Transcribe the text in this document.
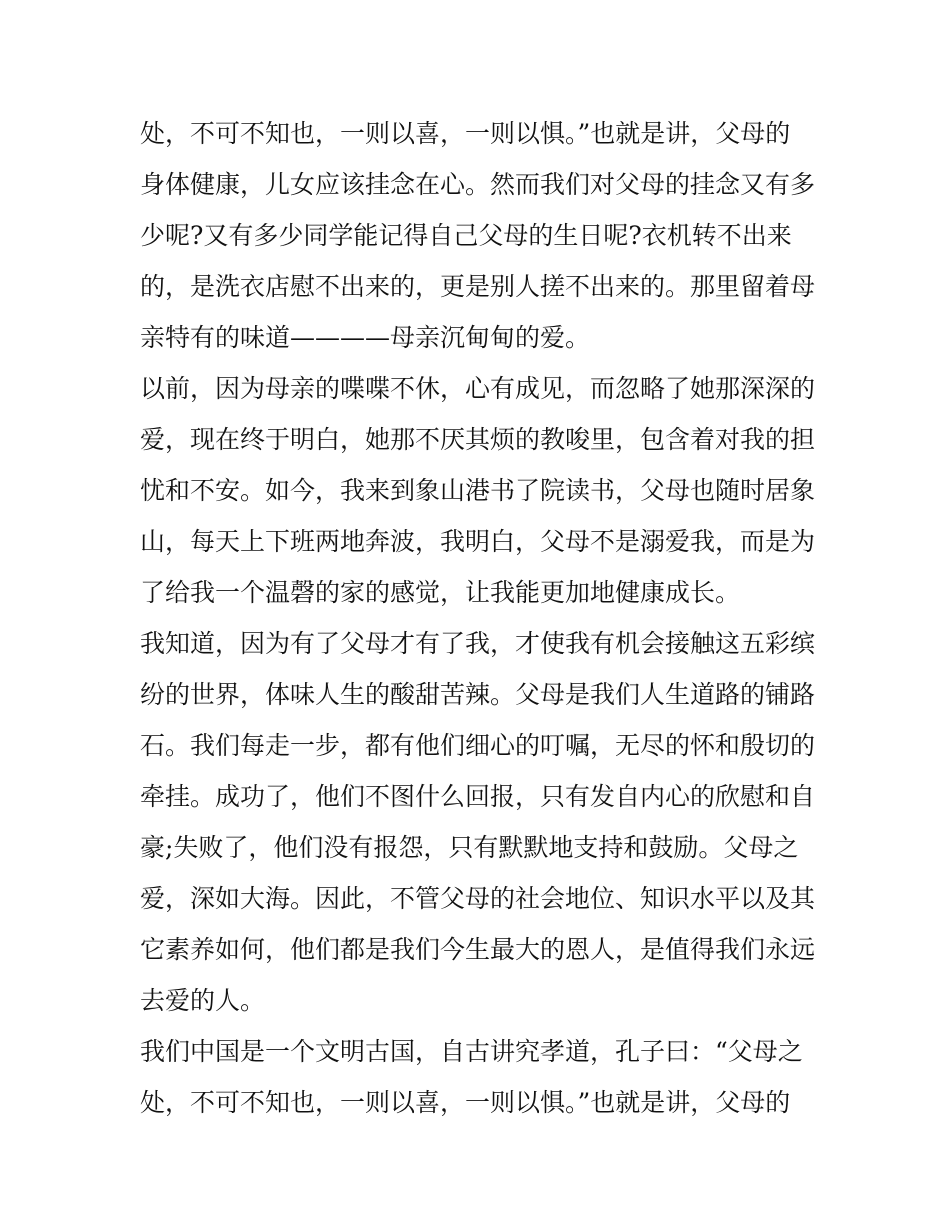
处，不可不知也，一则以喜，一则以惧。”也就是讲，父母的
身体健康，儿女应该挂念在心。然而我们对父母的挂念又有多
少呢?又有多少同学能记得自己父母的生日呢?衣机转不出来
的，是洗衣店慰不出来的，更是别人搓不出来的。那里留着母
亲特有的味道————母亲沉甸甸的爱。
以前，因为母亲的喋喋不休，心有成见，而忽略了她那深深的
爱，现在终于明白，她那不厌其烦的教唆里，包含着对我的担
忧和不安。如今，我来到象山港书了院读书，父母也随时居象
山，每天上下班两地奔波，我明白，父母不是溺爱我，而是为
了给我一个温磬的家的感觉，让我能更加地健康成长。
我知道，因为有了父母才有了我，才使我有机会接触这五彩缤
纷的世界，体味人生的酸甜苦辣。父母是我们人生道路的铺路
石。我们每走一步，都有他们细心的叮嘱，无尽的怀和殷切的
牵挂。成功了，他们不图什么回报，只有发自内心的欣慰和自
豪;失败了，他们没有报怨，只有默默地支持和鼓励。父母之
爱，深如大海。因此，不管父母的社会地位、知识水平以及其
它素养如何，他们都是我们今生最大的恩人，是值得我们永远
去爱的人。
我们中国是一个文明古国，自古讲究孝道，孔子曰：“父母之
处，不可不知也，一则以喜，一则以惧。”也就是讲，父母的
